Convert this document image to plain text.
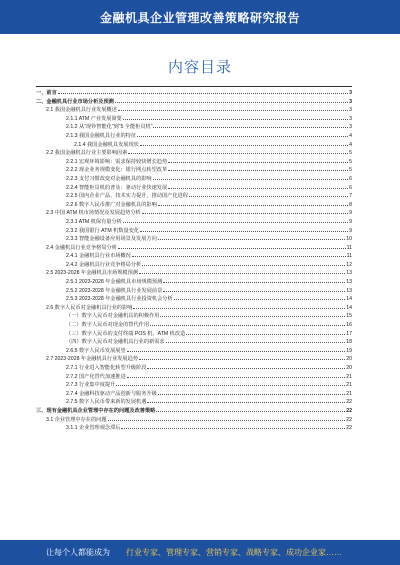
金融机具企业管理改善策略研究报告
内容目录
一、前言	3
二、金融机具行业市场分析及预测	3
2.1 我国金融机具行业发展概述	3
2.1.1 ATM 产业发展简要	3
2.1.2 从“现钞智能化”到“5 全能柜员机”	3
2.1.3 我国金融机具行业的特征	4
2.1.4 我国金融机具发展现状	4
2.2 我国金融机具行业主要影响因素	5
2.2.1 宏观环境影响：需求保持较快增长趋势	5
2.2.2 现金业务规模变化：银行网点转型改革	5
2.2.3 支付习惯改变对金融机具的影响	6
2.2.4 智能柜员机的普及：驱动行业快速发展	6
2.2.5 国内企业产品、技术实力提升，推动国产化进程	7
2.2.6 数字人民币推广对金融机具的影响	8
2.3 中国 ATM 机市场情况及发展趋势分析	9
2.3.1 ATM 机保有量分析	9
2.3.2 我国银行 ATM 机数量变化	9
2.3.3 智能金融设备应用场景及发展方向	10
2.4 金融机具行业竞争格局分析	11
2.4.1 金融机具行业市场概况	11
2.4.2 金融机具行业竞争格局分析	12
2.5 2023-2028 年金融机具市场规模预测	13
2.5.1 2023-2028 年金融机具市场规模预测	13
2.5.2 2023-2028 年金融机具行业发展前景	13
2.5.3 2023-2028 年金融机具行业投资机会分析	14
2.6 数字人民币对金融机具行业的影响	14
（一）数字人民币对金融机具的积极作用	15
（二）数字人民币对现金的替代作用	16
（三）数字人民币的支付终端 POS 机、ATM 机改造	17
（四）数字人民币对金融机具行业的新需求	18
2.6.5 数字人民币发展展望	19
2.7 2023-2028 年金融机具行业发展趋势	20
2.7.1 行业进入智能化转型升级阶段	20
2.7.2 国产化替代加速推进	21
2.7.3 行业集中度提升	21
2.7.4 金融科技驱动产品创新与服务升级	21
2.7.5 数字人民币带来新的发展机遇	22
三、现有金融机具企业管理中存在的问题及改善策略	22
3.1 企业管理中存在的问题	22
3.1.1 企业管理观念滞后	22
让每个人都能成为 行业专家、管理专家、营销专家、战略专家、成功企业家……
